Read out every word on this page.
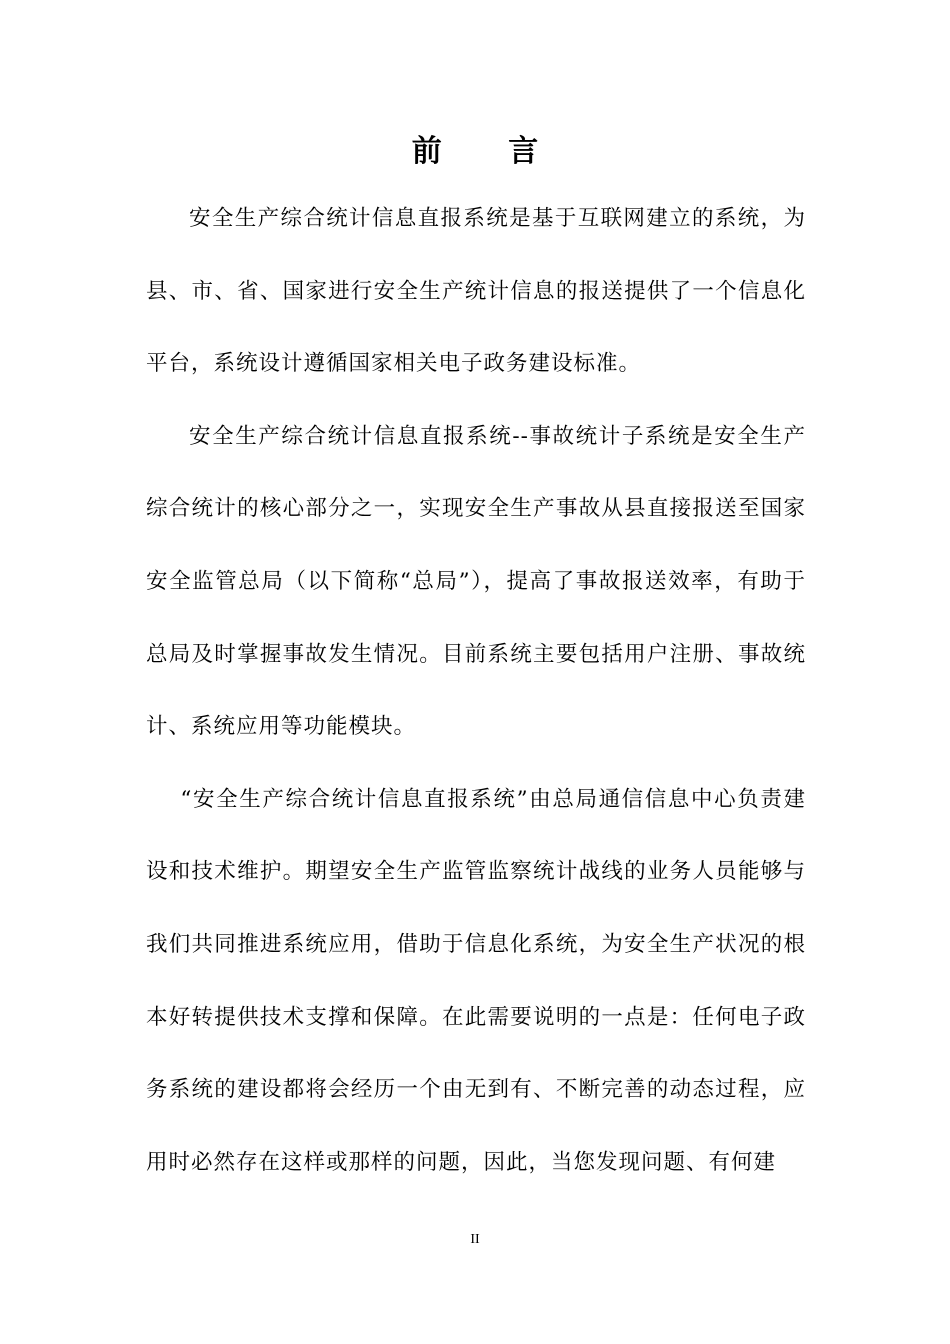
前 言

安全生产综合统计信息直报系统是基于互联网建立的系统，为县、市、省、国家进行安全生产统计信息的报送提供了一个信息化平台，系统设计遵循国家相关电子政务建设标准。

安全生产综合统计信息直报系统--事故统计子系统是安全生产综合统计的核心部分之一，实现安全生产事故从县直接报送至国家安全监管总局（以下简称“总局”），提高了事故报送效率，有助于总局及时掌握事故发生情况。目前系统主要包括用户注册、事故统计、系统应用等功能模块。

“安全生产综合统计信息直报系统”由总局通信信息中心负责建设和技术维护。期望安全生产监管监察统计战线的业务人员能够与我们共同推进系统应用，借助于信息化系统，为安全生产状况的根本好转提供技术支撑和保障。在此需要说明的一点是：任何电子政务系统的建设都将会经历一个由无到有、不断完善的动态过程，应用时必然存在这样或那样的问题，因此，当您发现问题、有何建

II
